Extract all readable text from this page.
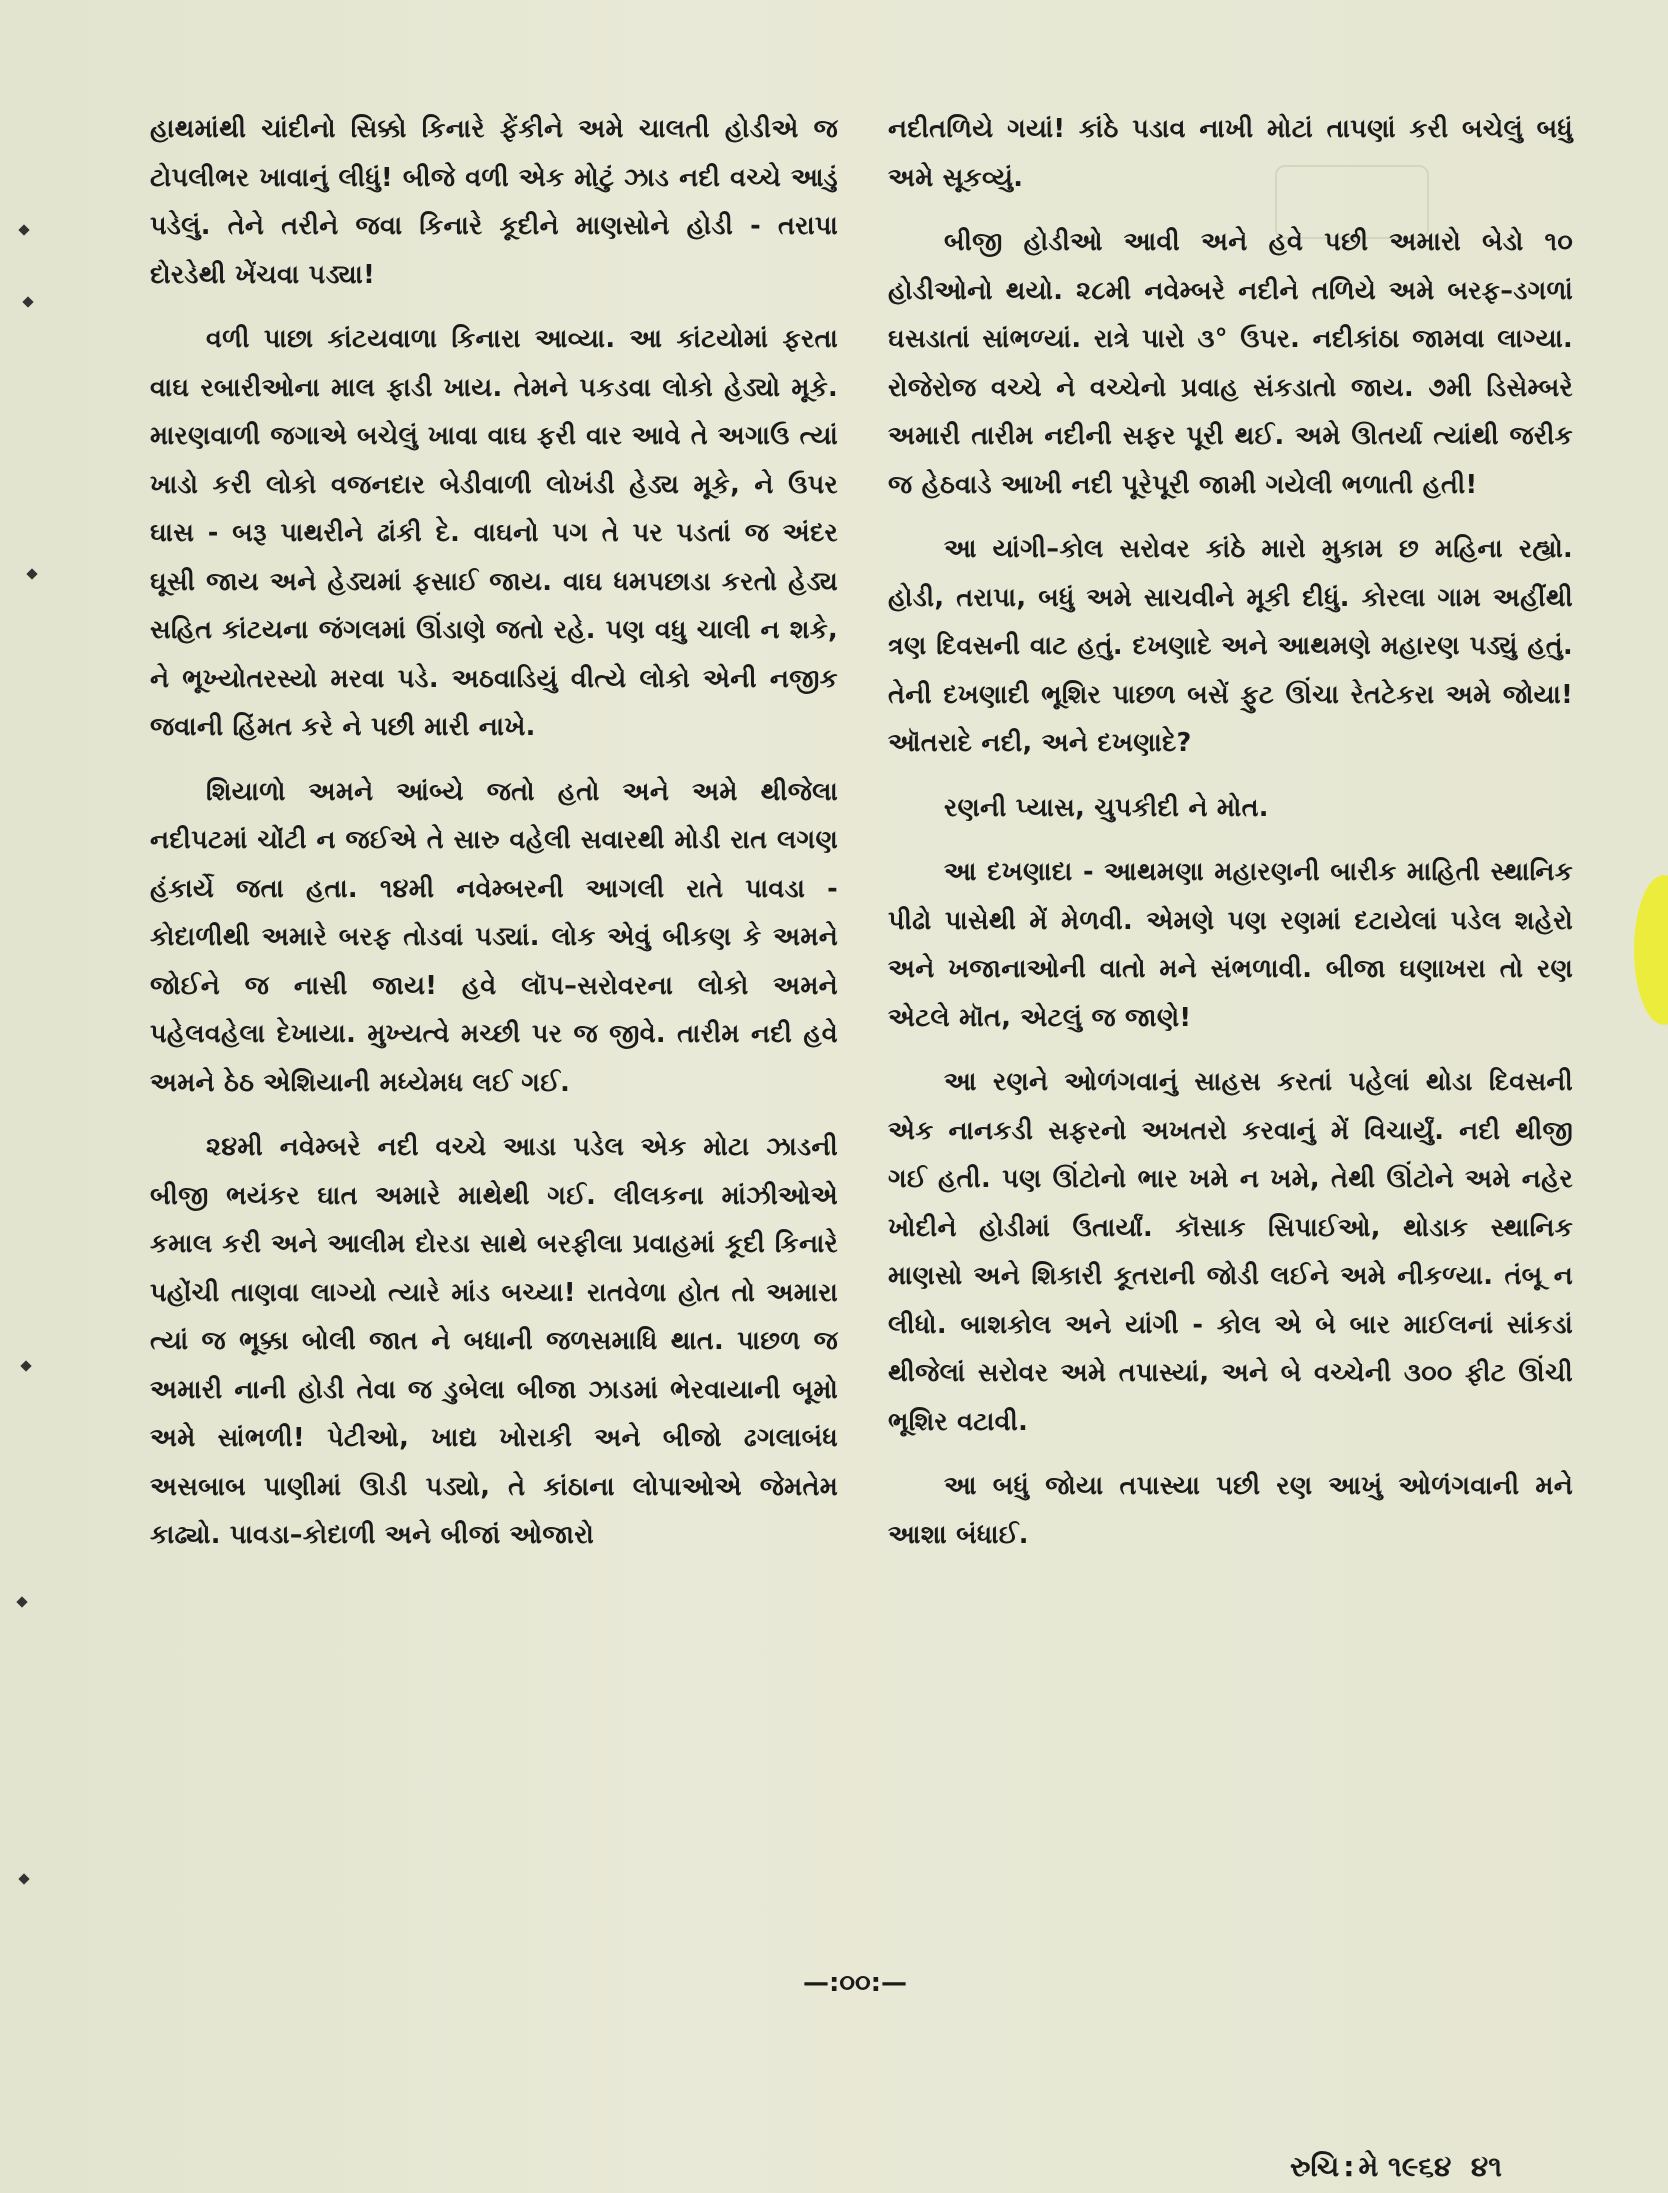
હાથમાંથી ચાંદીનો સિક્કો કિનારે ફેંકીને અમે ચાલતી હોડીએ જ ટોપલીભર ખાવાનું લીધું! બીજે વળી એક મોટું ઝાડ નદી વચ્ચે આડું પડેલું. તેને તરીને જવા કિનારે કૂદીને માણસોને હોડી - તરાપા દોરડેથી ખેંચવા પડ્યા!

વળી પાછા કાંટયવાળા કિનારા આવ્યા. આ કાંટયોમાં ફરતા વાઘ રબારીઓના માલ ફાડી ખાય. તેમને પકડવા લોકો હેડ્યો મૂકે. મારણવાળી જગાએ બચેલું ખાવા વાઘ ફરી વાર આવે તે અગાઉ ત્યાં ખાડો કરી લોકો વજનદાર બેડીવાળી લોખંડી હેડ્ય મૂકે, ને ઉપર ઘાસ - બરૂ પાથરીને ઢાંકી દે. વાઘનો પગ તે પર પડતાં જ અંદર ઘૂસી જાય અને હેડ્યમાં ફસાઈ જાય. વાઘ ધમપછાડા કરતો હેડ્ય સહિત કાંટયના જંગલમાં ઊંડાણે જતો રહે. પણ વધુ ચાલી ન શકે, ને ભૂખ્યોતરસ્યો મરવા પડે. અઠવાડિયું વીત્યે લોકો એની નજીક જવાની હિંમત કરે ને પછી મારી નાખે.

શિયાળો અમને આંબ્યે જતો હતો અને અમે થીજેલા નદીપટમાં ચોંટી ન જઈએ તે સારુ વહેલી સવારથી મોડી રાત લગણ હંકાર્યે જતા હતા. ૧૪મી નવેમ્બરની આગલી રાતે પાવડા - કોદાળીથી અમારે બરફ તોડવાં પડ્યાં. લોક એવું બીકણ કે અમને જોઈને જ નાસી જાય! હવે લૉપ–સરોવરના લોકો અમને પહેલવહેલા દેખાયા. મુખ્યત્વે મચ્છી પર જ જીવે. તારીમ નદી હવે અમને ઠેઠ એશિયાની મધ્યેમધ લઈ ગઈ.

૨૪મી નવેમ્બરે નદી વચ્ચે આડા પડેલ એક મોટા ઝાડની બીજી ભયંકર ઘાત અમારે માથેથી ગઈ. લીલકના માંઝીઓએ કમાલ કરી અને આલીમ દોરડા સાથે બરફીલા પ્રવાહમાં કૂદી કિનારે પહોંચી તાણવા લાગ્યો ત્યારે માંડ બચ્યા! રાતવેળા હોત તો અમારા ત્યાં જ ભૂક્કા બોલી જાત ને બધાની જળસમાધિ થાત. પાછળ જ અમારી નાની હોડી તેવા જ ડુબેલા બીજા ઝાડમાં ભેરવાયાની બૂમો અમે સાંભળી! પેટીઓ, ખાદ્ય ખોરાકી અને બીજો ઢગલાબંધ અસબાબ પાણીમાં ઊડી પડ્યો, તે કાંઠાના લોપાઓએ જેમતેમ કાઢ્યો. પાવડા–કોદાળી અને બીજાં ઓજારો

નદીતળિયે ગયાં! કાંઠે પડાવ નાખી મોટાં તાપણાં કરી બચેલું બધું અમે સૂકવ્યું.

બીજી હોડીઓ આવી અને હવે પછી અમારો બેડો ૧૦ હોડીઓનો થયો. ૨૮મી નવેમ્બરે નદીને તળિયે અમે બરફ–ડગળાં ઘસડાતાં સાંભળ્યાં. રાત્રે પારો ૩° ઉપર. નદીકાંઠા જામવા લાગ્યા. રોજેરોજ વચ્ચે ને વચ્ચેનો પ્રવાહ સંકડાતો જાય. ૭મી ડિસેમ્બરે અમારી તારીમ નદીની સફર પૂરી થઈ. અમે ઊતર્યા ત્યાંથી જરીક જ હેઠવાડે આખી નદી પૂરેપૂરી જામી ગયેલી ભળાતી હતી!

આ યાંગી–કોલ સરોવર કાંઠે મારો મુકામ છ મહિના રહ્યો. હોડી, તરાપા, બધું અમે સાચવીને મૂકી દીધું. કોરલા ગામ અહીંથી ત્રણ દિવસની વાટ હતું. દખણાદે અને આથમણે મહારણ પડ્યું હતું. તેની દખણાદી ભૂશિર પાછળ બસેં ફુટ ઊંચા રેતટેકરા અમે જોયા! ઑતરાદે નદી, અને દખણાદે?

રણની પ્યાસ, ચુપકીદી ને મોત.

આ દખણાદા - આથમણા મહારણની બારીક માહિતી સ્થાનિક પીઢો પાસેથી મેં મેળવી. એમણે પણ રણમાં દટાયેલાં પડેલ શહેરો અને ખજાનાઓની વાતો મને સંભળાવી. બીજા ઘણાખરા તો રણ એટલે મૉત, એટલું જ જાણે!

આ રણને ઓળંગવાનું સાહસ કરતાં પહેલાં થોડા દિવસની એક નાનકડી સફરનો અખતરો કરવાનું મેં વિચાર્યું. નદી થીજી ગઈ હતી. પણ ઊંટોનો ભાર ખમે ન ખમે, તેથી ઊંટોને અમે નહેર ખોદીને હોડીમાં ઉતાર્યાં. કૉસાક સિપાઈઓ, થોડાક સ્થાનિક માણસો અને શિકારી કૂતરાની જોડી લઈને અમે નીકળ્યા. તંબૂ ન લીધો. બાશકોલ અને યાંગી - કોલ એ બે બાર માઈલનાં સાંકડાં થીજેલાં સરોવર અમે તપાસ્યાં, અને બે વચ્ચેની ૩૦૦ ફીટ ઊંચી ભૂશિર વટાવી.

આ બધું જોયા તપાસ્યા પછી રણ આખું ઓળંગવાની મને આશા બંધાઈ.

—:૦૦:—
રુચિ : મે ૧૯૬૪ ૪૧
